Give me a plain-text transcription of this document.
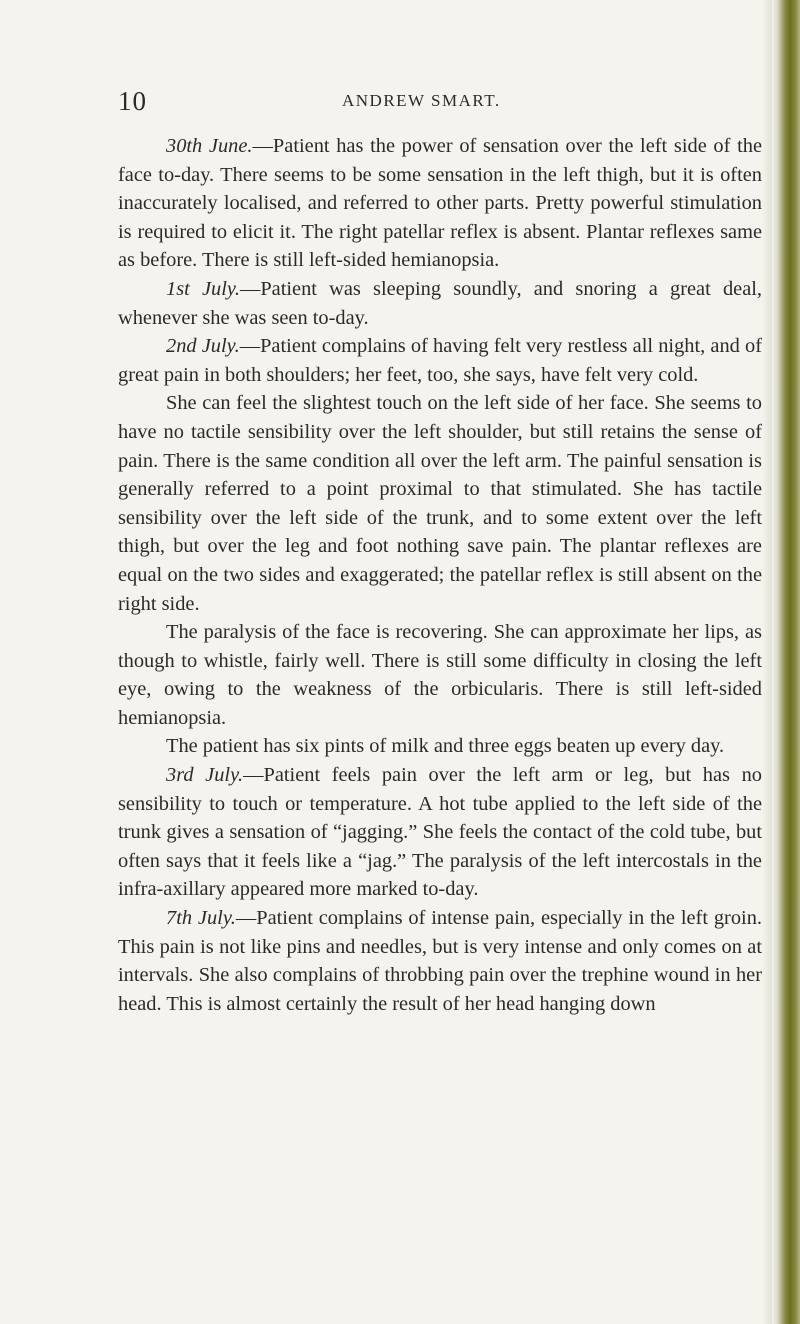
10	ANDREW SMART.

30th June.—Patient has the power of sensation over the left side of the face to-day. There seems to be some sensation in the left thigh, but it is often inaccurately localised, and referred to other parts. Pretty powerful stimulation is required to elicit it. The right patellar reflex is absent. Plantar reflexes same as before. There is still left-sided hemianopsia.

1st July.—Patient was sleeping soundly, and snoring a great deal, whenever she was seen to-day.

2nd July.—Patient complains of having felt very restless all night, and of great pain in both shoulders; her feet, too, she says, have felt very cold.

She can feel the slightest touch on the left side of her face. She seems to have no tactile sensibility over the left shoulder, but still retains the sense of pain. There is the same condition all over the left arm. The painful sensation is generally referred to a point proximal to that stimulated. She has tactile sensibility over the left side of the trunk, and to some extent over the left thigh, but over the leg and foot nothing save pain. The plantar reflexes are equal on the two sides and exaggerated; the patellar reflex is still absent on the right side.

The paralysis of the face is recovering. She can approximate her lips, as though to whistle, fairly well. There is still some difficulty in closing the left eye, owing to the weakness of the orbicularis. There is still left-sided hemianopsia.

The patient has six pints of milk and three eggs beaten up every day.

3rd July.—Patient feels pain over the left arm or leg, but has no sensibility to touch or temperature. A hot tube applied to the left side of the trunk gives a sensation of “jagging.” She feels the contact of the cold tube, but often says that it feels like a “jag.” The paralysis of the left intercostals in the infra-axillary appeared more marked to-day.

7th July.—Patient complains of intense pain, especially in the left groin. This pain is not like pins and needles, but is very intense and only comes on at intervals. She also complains of throbbing pain over the trephine wound in her head. This is almost certainly the result of her head hanging down
